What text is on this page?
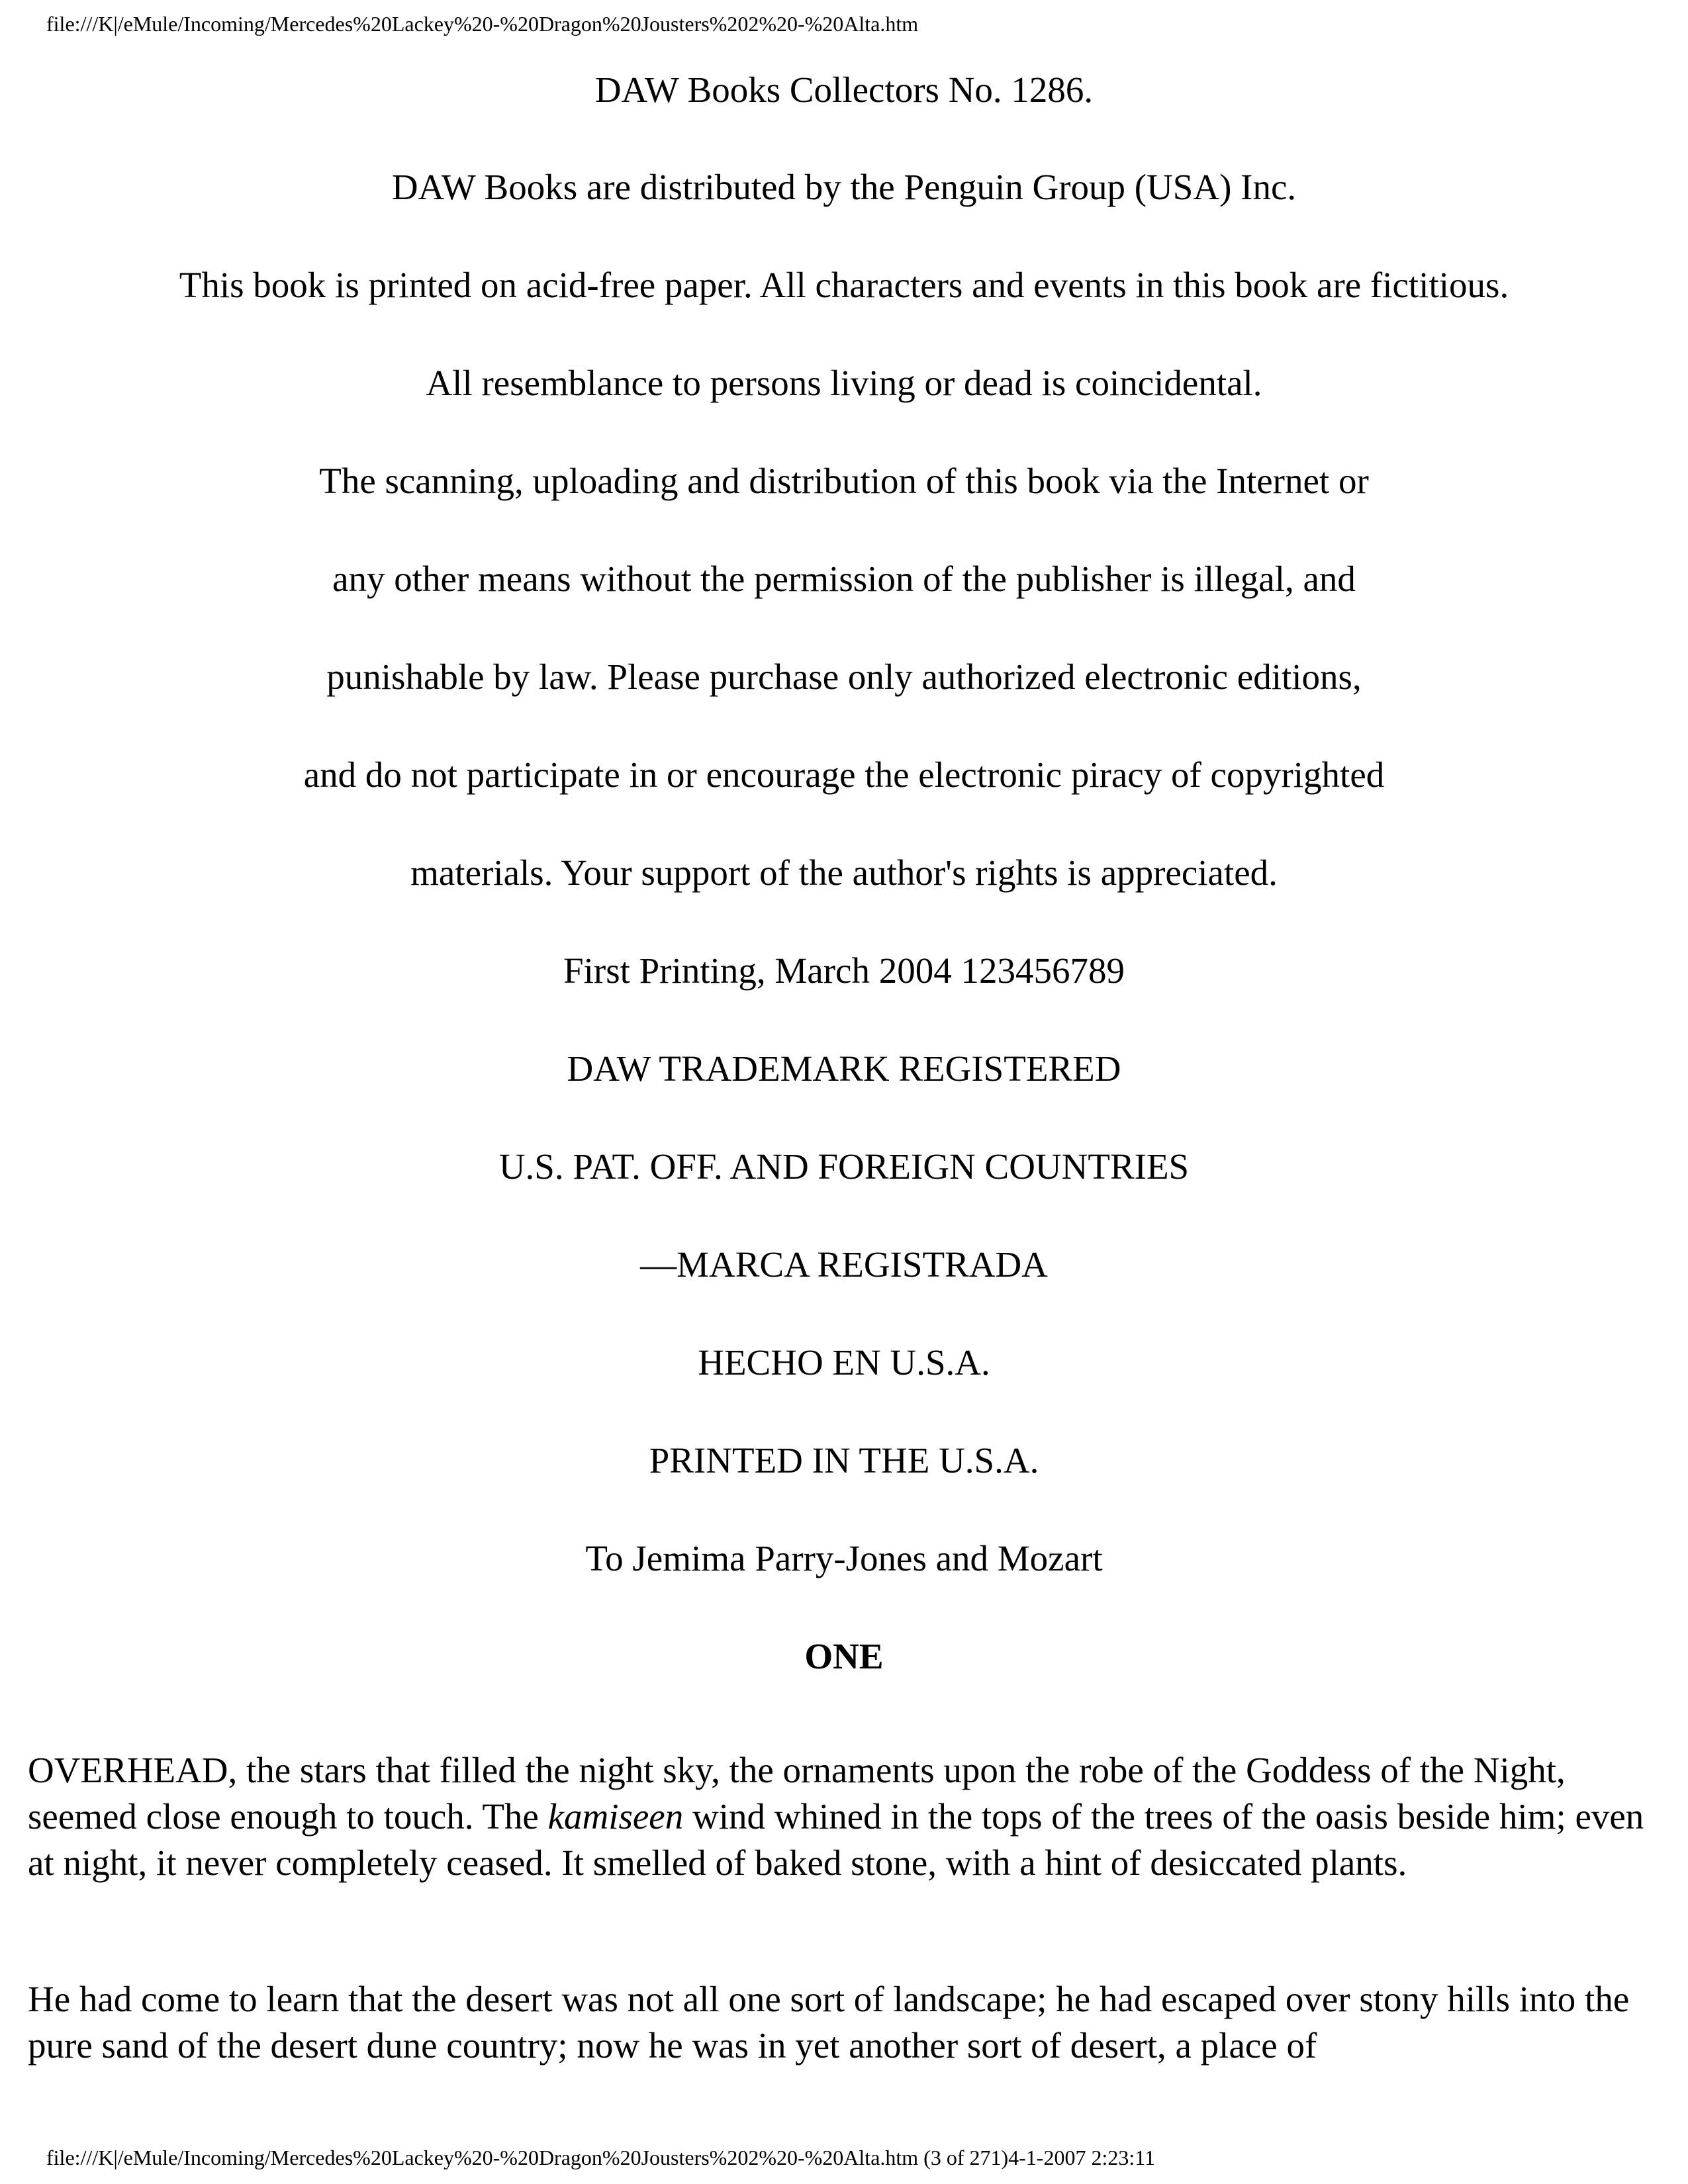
file:///K|/eMule/Incoming/Mercedes%20Lackey%20-%20Dragon%20Jousters%202%20-%20Alta.htm
DAW Books Collectors No. 1286.
DAW Books are distributed by the Penguin Group (USA) Inc.
This book is printed on acid-free paper. All characters and events in this book are fictitious.
All resemblance to persons living or dead is coincidental.
The scanning, uploading and distribution of this book via the Internet or
any other means without the permission of the publisher is illegal, and
punishable by law. Please purchase only authorized electronic editions,
and do not participate in or encourage the electronic piracy of copyrighted
materials. Your support of the author's rights is appreciated.
First Printing, March 2004 123456789
DAW TRADEMARK REGISTERED
U.S. PAT. OFF. AND FOREIGN COUNTRIES
—MARCA REGISTRADA
HECHO EN U.S.A.
PRINTED IN THE U.S.A.
To Jemima Parry-Jones and Mozart
ONE
OVERHEAD, the stars that filled the night sky, the ornaments upon the robe of the Goddess of the Night, seemed close enough to touch. The kamiseen wind whined in the tops of the trees of the oasis beside him; even at night, it never completely ceased. It smelled of baked stone, with a hint of desiccated plants.
He had come to learn that the desert was not all one sort of landscape; he had escaped over stony hills into the pure sand of the desert dune country; now he was in yet another sort of desert, a place of
file:///K|/eMule/Incoming/Mercedes%20Lackey%20-%20Dragon%20Jousters%202%20-%20Alta.htm (3 of 271)4-1-2007 2:23:11
